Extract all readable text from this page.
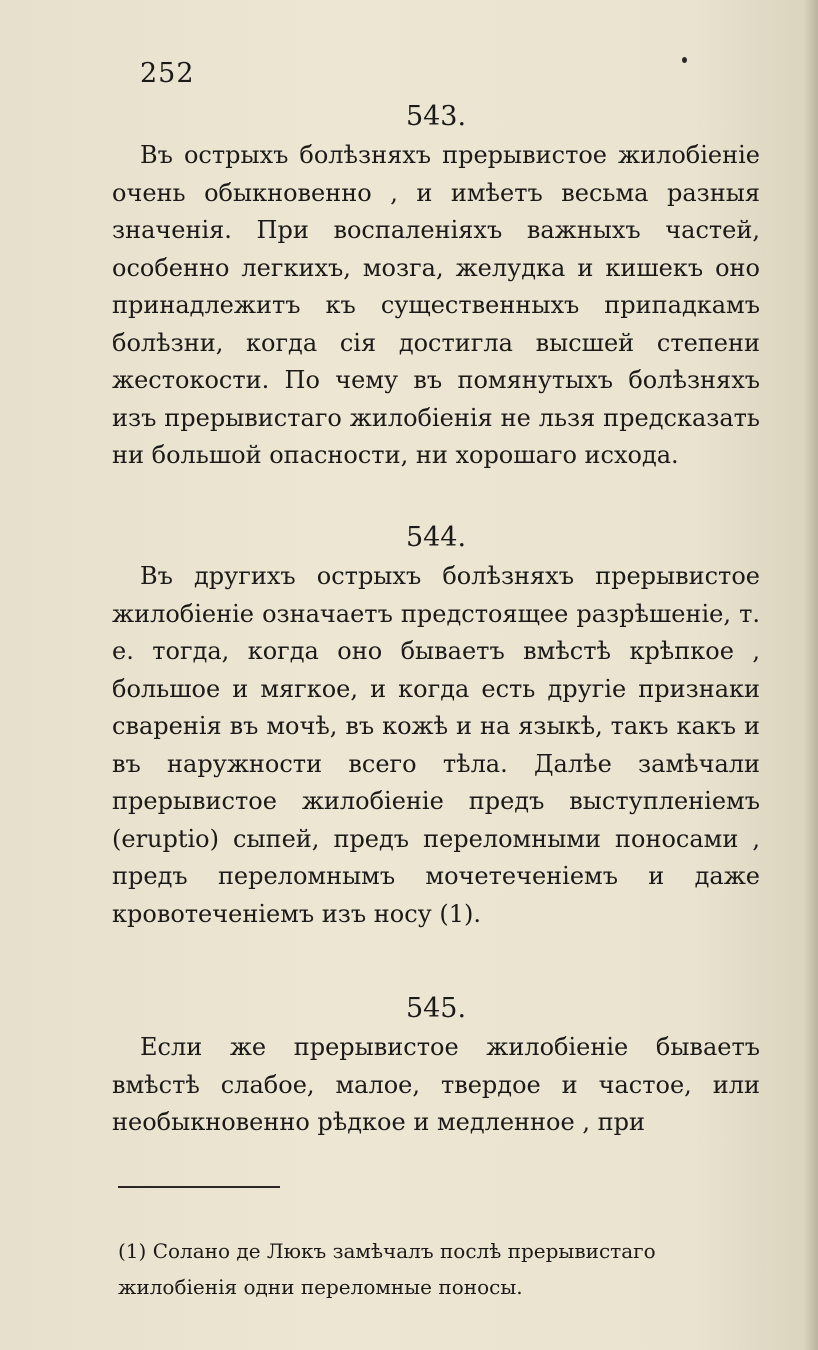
252
543.

Въ острыхъ болѣзняхъ прерывистое жилобіеніе очень обыкновенно , и имѣетъ весьма разныя значенія. При воспаленіяхъ важныхъ частей, особенно легкихъ, мозга, желудка и кишекъ оно принадлежитъ къ существенныхъ припадкамъ болѣзни, когда сія достигла высшей степени жестокости. По чему въ помянутыхъ болѣзняхъ изъ прерывистаго жилобіенія не льзя предсказать ни большой опасности, ни хорошаго исхода.

544.

Въ другихъ острыхъ болѣзняхъ прерывистое жилобіеніе означаетъ предстоящее разрѣшеніе, т. е. тогда, когда оно бываетъ вмѣстѣ крѣпкое , большое и мягкое, и когда есть другіе признаки сваренія въ мочѣ, въ кожѣ и на языкѣ, такъ какъ и въ наружности всего тѣла. Далѣе замѣчали прерывистое жилобіеніе предъ выступленіемъ (eruptio) сыпей, предъ переломными поносами , предъ переломнымъ мочетеченіемъ и даже кровотеченіемъ изъ носу (1).

545.

Если же прерывистое жилобіеніе бываетъ вмѣстѣ слабое, малое, твердое и частое, или необыкновенно рѣдкое и медленное , при

(1) Солано де Люкъ замѣчалъ послѣ прерывистаго
жилобіенія одни переломные поносы.
